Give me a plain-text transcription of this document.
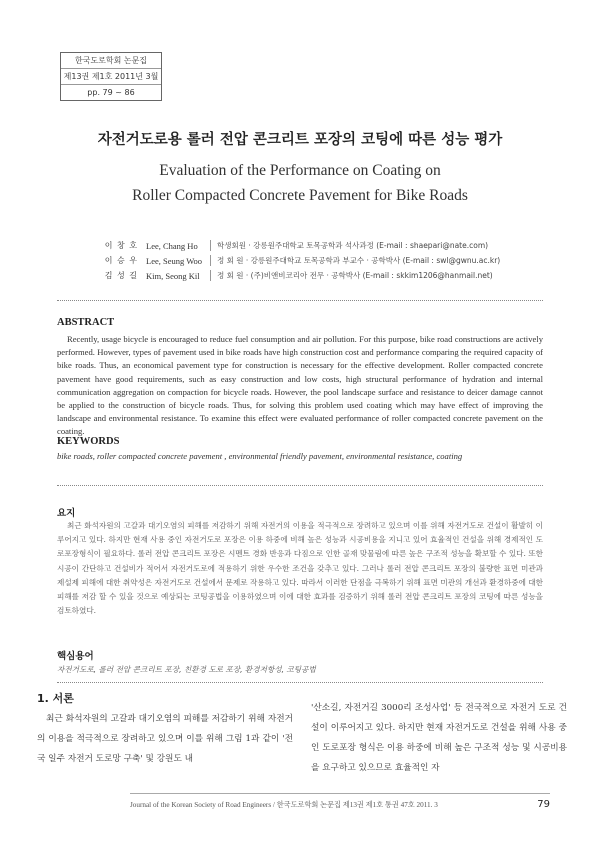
한국도로학회 논문집
제13권 제1호 2011년 3월
pp. 79 ~ 86
자전거도로용 롤러 전압 콘크리트 포장의 코팅에 따른 성능 평가
Evaluation of the Performance on Coating on
Roller Compacted Concrete Pavement for Bike Roads
이 창 호 Lee, Chang Ho	학생회원 · 강릉원주대학교 토목공학과 석사과정 (E-mail : shaepari@nate.com)
이 승 우 Lee, Seung Woo	정 회 원 · 강릉원주대학교 토목공학과 부교수 · 공학박사 (E-mail : swl@gwnu.ac.kr)
김 성 길 Kim, Seong Kil	정 회 원 · (주)비앤비코리아 전무 · 공학박사 (E-mail : skkim1206@hanmail.net)
ABSTRACT
Recently, usage bicycle is encouraged to reduce fuel consumption and air pollution. For this purpose, bike road constructions are actively performed. However, types of pavement used in bike roads have high construction cost and performance comparing the required capacity of bike roads. Thus, an economical pavement type for construction is necessary for the effective development. Roller compacted concrete pavement have good requirements, such as easy construction and low costs, high structural performance of hydration and internal communication aggregation on compaction for bicycle roads. However, the pool landscape surface and resistance to deicer damage cannot be applied to the construction of bicycle roads. Thus, for solving this problem used coating which may have effect of improving the landscape and environmental resistance. To examine this effect were evaluated performance of roller compacted concrete pavement on the coating.
KEYWORDS
bike roads, roller compacted concrete pavement , environmental friendly pavement, environmental resistance, coating
요지
최근 화석자원의 고갈과 대기오염의 피해를 저감하기 위해 자전거의 이용을 적극적으로 장려하고 있으며 이를 위해 자전거도로 건설이 활발히 이루어지고 있다. 하지만 현재 사용 중인 자전거도로 포장은 이용 하중에 비해 높은 성능과 시공비용을 지니고 있어 효율적인 건설을 위해 경제적인 도로포장형식이 필요하다. 롤러 전압 콘크리트 포장은 시멘트 경화 반응과 다짐으로 인한 골재 맞물림에 따른 높은 구조적 성능을 확보할 수 있다. 또한 시공이 간단하고 건설비가 적어서 자전거도로에 적용하기 위한 우수한 조건을 갖추고 있다. 그러나 롤러 전압 콘크리트 포장의 불량한 표면 미관과 제설제 피해에 대한 취약성은 자전거도로 건설에서 문제로 작용하고 있다. 따라서 이러한 단점을 극복하기 위해 표면 미관의 개선과 환경하중에 대한 피해를 저감 할 수 있을 것으로 예상되는 코팅공법을 이용하였으며 이에 대한 효과를 검증하기 위해 롤러 전압 콘크리트 포장의 코팅에 따른 성능을 검토하였다.
핵심용어
자전거도로, 롤러 전압 콘크리트 포장, 친환경 도로 포장, 환경저항성, 코팅공법
1. 서론
최근 화석자원의 고갈과 대기오염의 피해를 저감하기 위해 자전거의 이용을 적극적으로 장려하고 있으며 이를 위해 그림 1과 같이 '전국 일주 자전거 도로망 구축' 및 강원도 내
'산소길, 자전거길 3000리 조성사업' 등 전국적으로 자전거 도로 건설이 이루어지고 있다. 하지만 현재 자전거도로 건설을 위해 사용 중인 도로포장 형식은 이용 하중에 비해 높은 구조적 성능 및 시공비용을 요구하고 있으므로 효율적인 자
Journal of the Korean Society of Road Engineers / 한국도로학회 논문집 제13권 제1호 통권 47호 2011. 3	79
